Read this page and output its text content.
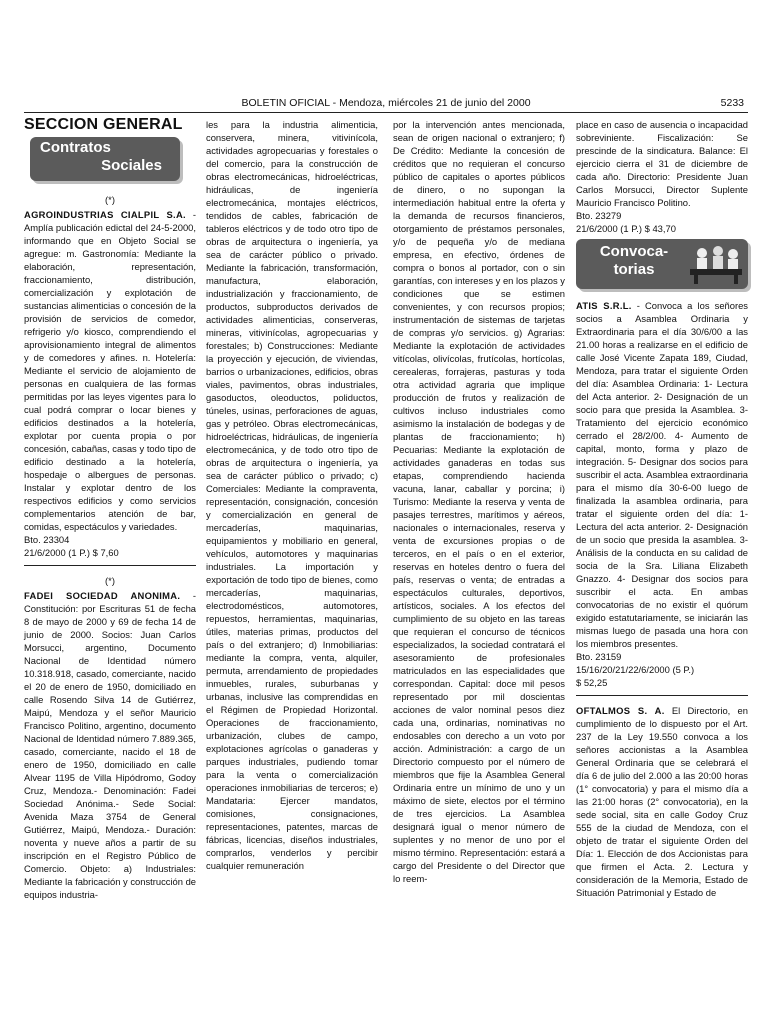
BOLETIN OFICIAL - Mendoza, miércoles 21 de junio del 2000	5233
SECCION GENERAL
Contratos
Sociales
(*)

AGROINDUSTRIAS CIALPIL S.A. - Amplía publicación edictal del 24-5-2000, informando que en Objeto Social se agregue: m. Gastronomía: Mediante la elaboración, representación, fraccionamiento, distribución, comercialización y explotación de sustancias alimenticias o concesión de la provisión de servicios de comedor, refrigerio y/o kiosco, comprendiendo el aprovisionamiento integral de alimentos y de comedores y afines. n. Hotelería: Mediante el servicio de alojamiento de personas en cualquiera de las formas permitidas por las leyes vigentes para lo cual podrá comprar o locar bienes y edificios destinados a la hotelería, explotar por cuenta propia o por concesión, cabañas, casas y todo tipo de edificio destinado a la hotelería, hospedaje o albergues de personas. Instalar y explotar dentro de los respectivos edificios y como servicios complementarios atención de bar, comidas, espectáculos y variedades.

Bto. 23304

21/6/2000 (1 P.) $ 7,60

(*)

FADEI SOCIEDAD ANONIMA. - Constitución: por Escrituras 51 de fecha 8 de mayo de 2000 y 69 de fecha 14 de junio de 2000. Socios: Juan Carlos Morsucci, argentino, Documento Nacional de Identidad número 10.318.918, casado, comerciante, nacido el 20 de enero de 1950, domiciliado en calle Rosendo Silva 14 de Gutiérrez, Maipú, Mendoza y el señor Mauricio Francisco Politino, argentino, documento Nacional de Identidad número 7.889.365, casado, comerciante, nacido el 18 de enero de 1950, domiciliado en calle Alvear 1195 de Villa Hipódromo, Godoy Cruz, Mendoza.- Denominación: Fadei Sociedad Anónima.- Sede Social: Avenida Maza 3754 de General Gutiérrez, Maipú, Mendoza.- Duración: noventa y nueve años a partir de su inscripción en el Registro Público de Comercio. Objeto: a) Industriales: Mediante la fabricación y construcción de equipos industria-

les para la industria alimenticia, conservera, minera, vitivinícola, actividades agropecuarias y forestales o del comercio, para la construcción de obras electromecánicas, hidroeléctricas, hidráulicas, de ingeniería electromecánica, montajes eléctricos, tendidos de cables, fabricación de tableros eléctricos y de todo otro tipo de obras de arquitectura o ingeniería, ya sea de carácter público o privado. Mediante la fabricación, transformación, manufactura, elaboración, industrialización y fraccionamiento, de productos, subproductos derivados de actividades alimenticias, conserveras, mineras, vitivinícolas, agropecuarias y forestales; b) Construcciones: Mediante la proyección y ejecución, de viviendas, barrios o urbanizaciones, edificios, obras viales, pavimentos, obras industriales, gasoductos, oleoductos, poliductos, túneles, usinas, perforaciones de aguas, gas y petróleo. Obras electromecánicas, hidroeléctricas, hidráulicas, de ingeniería electromecánica, y de todo otro tipo de obras de arquitectura o ingeniería, ya sea de carácter público o privado; c) Comerciales: Mediante la compraventa, representación, consignación, concesión y comercialización en general de mercaderías, maquinarias, equipamientos y mobiliario en general, vehículos, automotores y maquinarias industriales. La importación y exportación de todo tipo de bienes, como mercaderías, maquinarias, electrodomésticos, automotores, repuestos, herramientas, maquinarias, útiles, materias primas, productos del país o del extranjero; d) Inmobiliarias: mediante la compra, venta, alquiler, permuta, arrendamiento de propiedades inmuebles, rurales, suburbanas y urbanas, inclusive las comprendidas en el Régimen de Propiedad Horizontal. Operaciones de fraccionamiento, urbanización, clubes de campo, explotaciones agrícolas o ganaderas y parques industriales, pudiendo tomar para la venta o comercialización operaciones inmobiliarias de terceros; e) Mandataria: Ejercer mandatos, comisiones, consignaciones, representaciones, patentes, marcas de fábricas, licencias, diseños industriales, comprarlos, venderlos y percibir cualquier remuneración

por la intervención antes mencionada, sean de origen nacional o extranjero; f) De Crédito: Mediante la concesión de créditos que no requieran el concurso público de capitales o aportes públicos de dinero, o no supongan la intermediación habitual entre la oferta y la demanda de recursos financieros, otorgamiento de préstamos personales, y/o de pequeña y/o de mediana empresa, en efectivo, órdenes de compra o bonos al portador, con o sin garantías, con intereses y en los plazos y condiciones que se estimen convenientes, y con recursos propios; instrumentación de sistemas de tarjetas de compras y/o servicios. g) Agrarias: Mediante la explotación de actividades vitícolas, olivícolas, frutícolas, hortícolas, cerealeras, forrajeras, pasturas y toda otra actividad agraria que implique producción de frutos y realización de cultivos incluso industriales como asimismo la instalación de bodegas y de plantas de fraccionamiento; h) Pecuarias: Mediante la explotación de actividades ganaderas en todas sus etapas, comprendiendo hacienda vacuna, lanar, caballar y porcina; i) Turismo: Mediante la reserva y venta de pasajes terrestres, marítimos y aéreos, nacionales o internacionales, reserva y venta de excursiones propias o de terceros, en el país o en el exterior, reservas en hoteles dentro o fuera del país, reservas o venta; de entradas a espectáculos culturales, deportivos, artísticos, sociales. A los efectos del cumplimiento de su objeto en las tareas que requieran el concurso de técnicos especializados, la sociedad contratará el asesoramiento de profesionales matriculados en las especialidades que correspondan. Capital: doce mil pesos representado por mil doscientas acciones de valor nominal pesos diez cada una, ordinarias, nominativas no endosables con derecho a un voto por acción. Administración: a cargo de un Directorio compuesto por el número de miembros que fije la Asamblea General Ordinaria entre un mínimo de uno y un máximo de siete, electos por el término de tres ejercicios. La Asamblea designará igual o menor número de suplentes y no menor de uno por el mismo término. Representación: estará a cargo del Presidente o del Director que lo reem-

place en caso de ausencia o incapacidad sobreviniente. Fiscalización: Se prescinde de la sindicatura. Balance: El ejercicio cierra el 31 de diciembre de cada año. Directorio: Presidente Juan Carlos Morsucci, Director Suplente Mauricio Francisco Politino.

Bto. 23279

21/6/2000 (1 P.) $ 43,70

Convoca-
torias

ATIS S.R.L. - Convoca a los señores socios a Asamblea Ordinaria y Extraordinaria para el día 30/6/00 a las 21.00 horas a realizarse en el edificio de calle José Vicente Zapata 189, Ciudad, Mendoza, para tratar el siguiente Orden del día: Asamblea Ordinaria: 1- Lectura del Acta anterior. 2- Designación de un socio para que presida la Asamblea. 3- Tratamiento del ejercicio económico cerrado el 28/2/00. 4- Aumento de capital, monto, forma y plazo de integración. 5- Designar dos socios para suscribir el acta. Asamblea extraordinaria para el mismo día 30-6-00 luego de finalizada la asamblea ordinaria, para tratar el siguiente orden del día: 1- Lectura del acta anterior. 2- Designación de un socio que presida la asamblea. 3- Análisis de la conducta en su calidad de socia de la Sra. Liliana Elizabeth Gnazzo. 4- Designar dos socios para suscribir el acta. En ambas convocatorias de no existir el quórum exigido estatutariamente, se iniciarán las mismas luego de pasada una hora con los miembros presentes.

Bto. 23159

15/16/20/21/22/6/2000 (5 P.)

$ 52,25

OFTALMOS S. A. El Directorio, en cumplimiento de lo dispuesto por el Art. 237 de la Ley 19.550 convoca a los señores accionistas a la Asamblea General Ordinaria que se celebrará el día 6 de julio del 2.000 a las 20:00 horas (1° convocatoria) y para el mismo día a las 21:00 horas (2° convocatoria), en la sede social, sita en calle Godoy Cruz 555 de la ciudad de Mendoza, con el objeto de tratar el siguiente Orden del Día: 1. Elección de dos Accionistas para que firmen el Acta. 2. Lectura y consideración de la Memoria, Estado de Situación Patrimonial y Estado de
